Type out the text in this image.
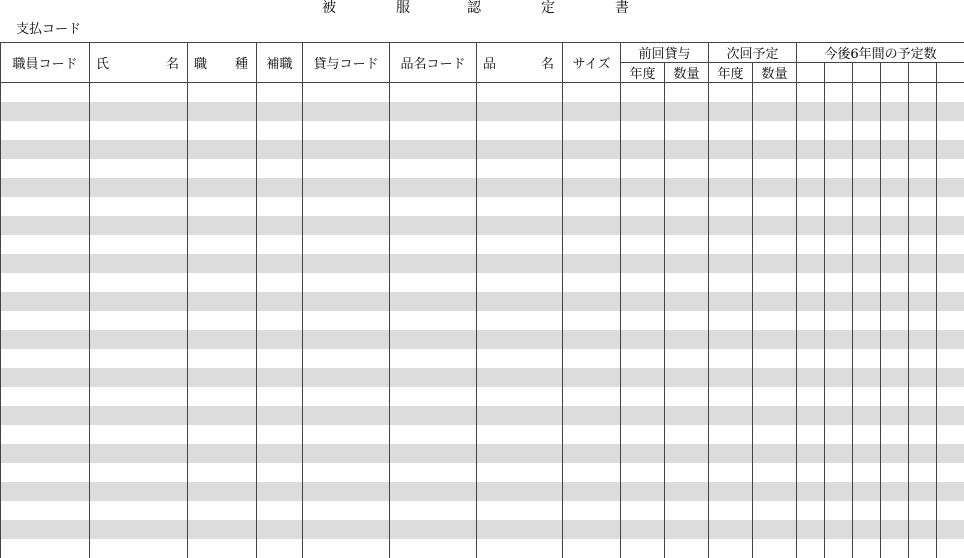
被	服	認	定	書
支払コード
職員コード	氏 名	職 種	補職	貸与コード	品名コード	品 名	サイズ	前回貸与		次回予定		今後6年間の予定数					
								年度	数量	年度	数量						
